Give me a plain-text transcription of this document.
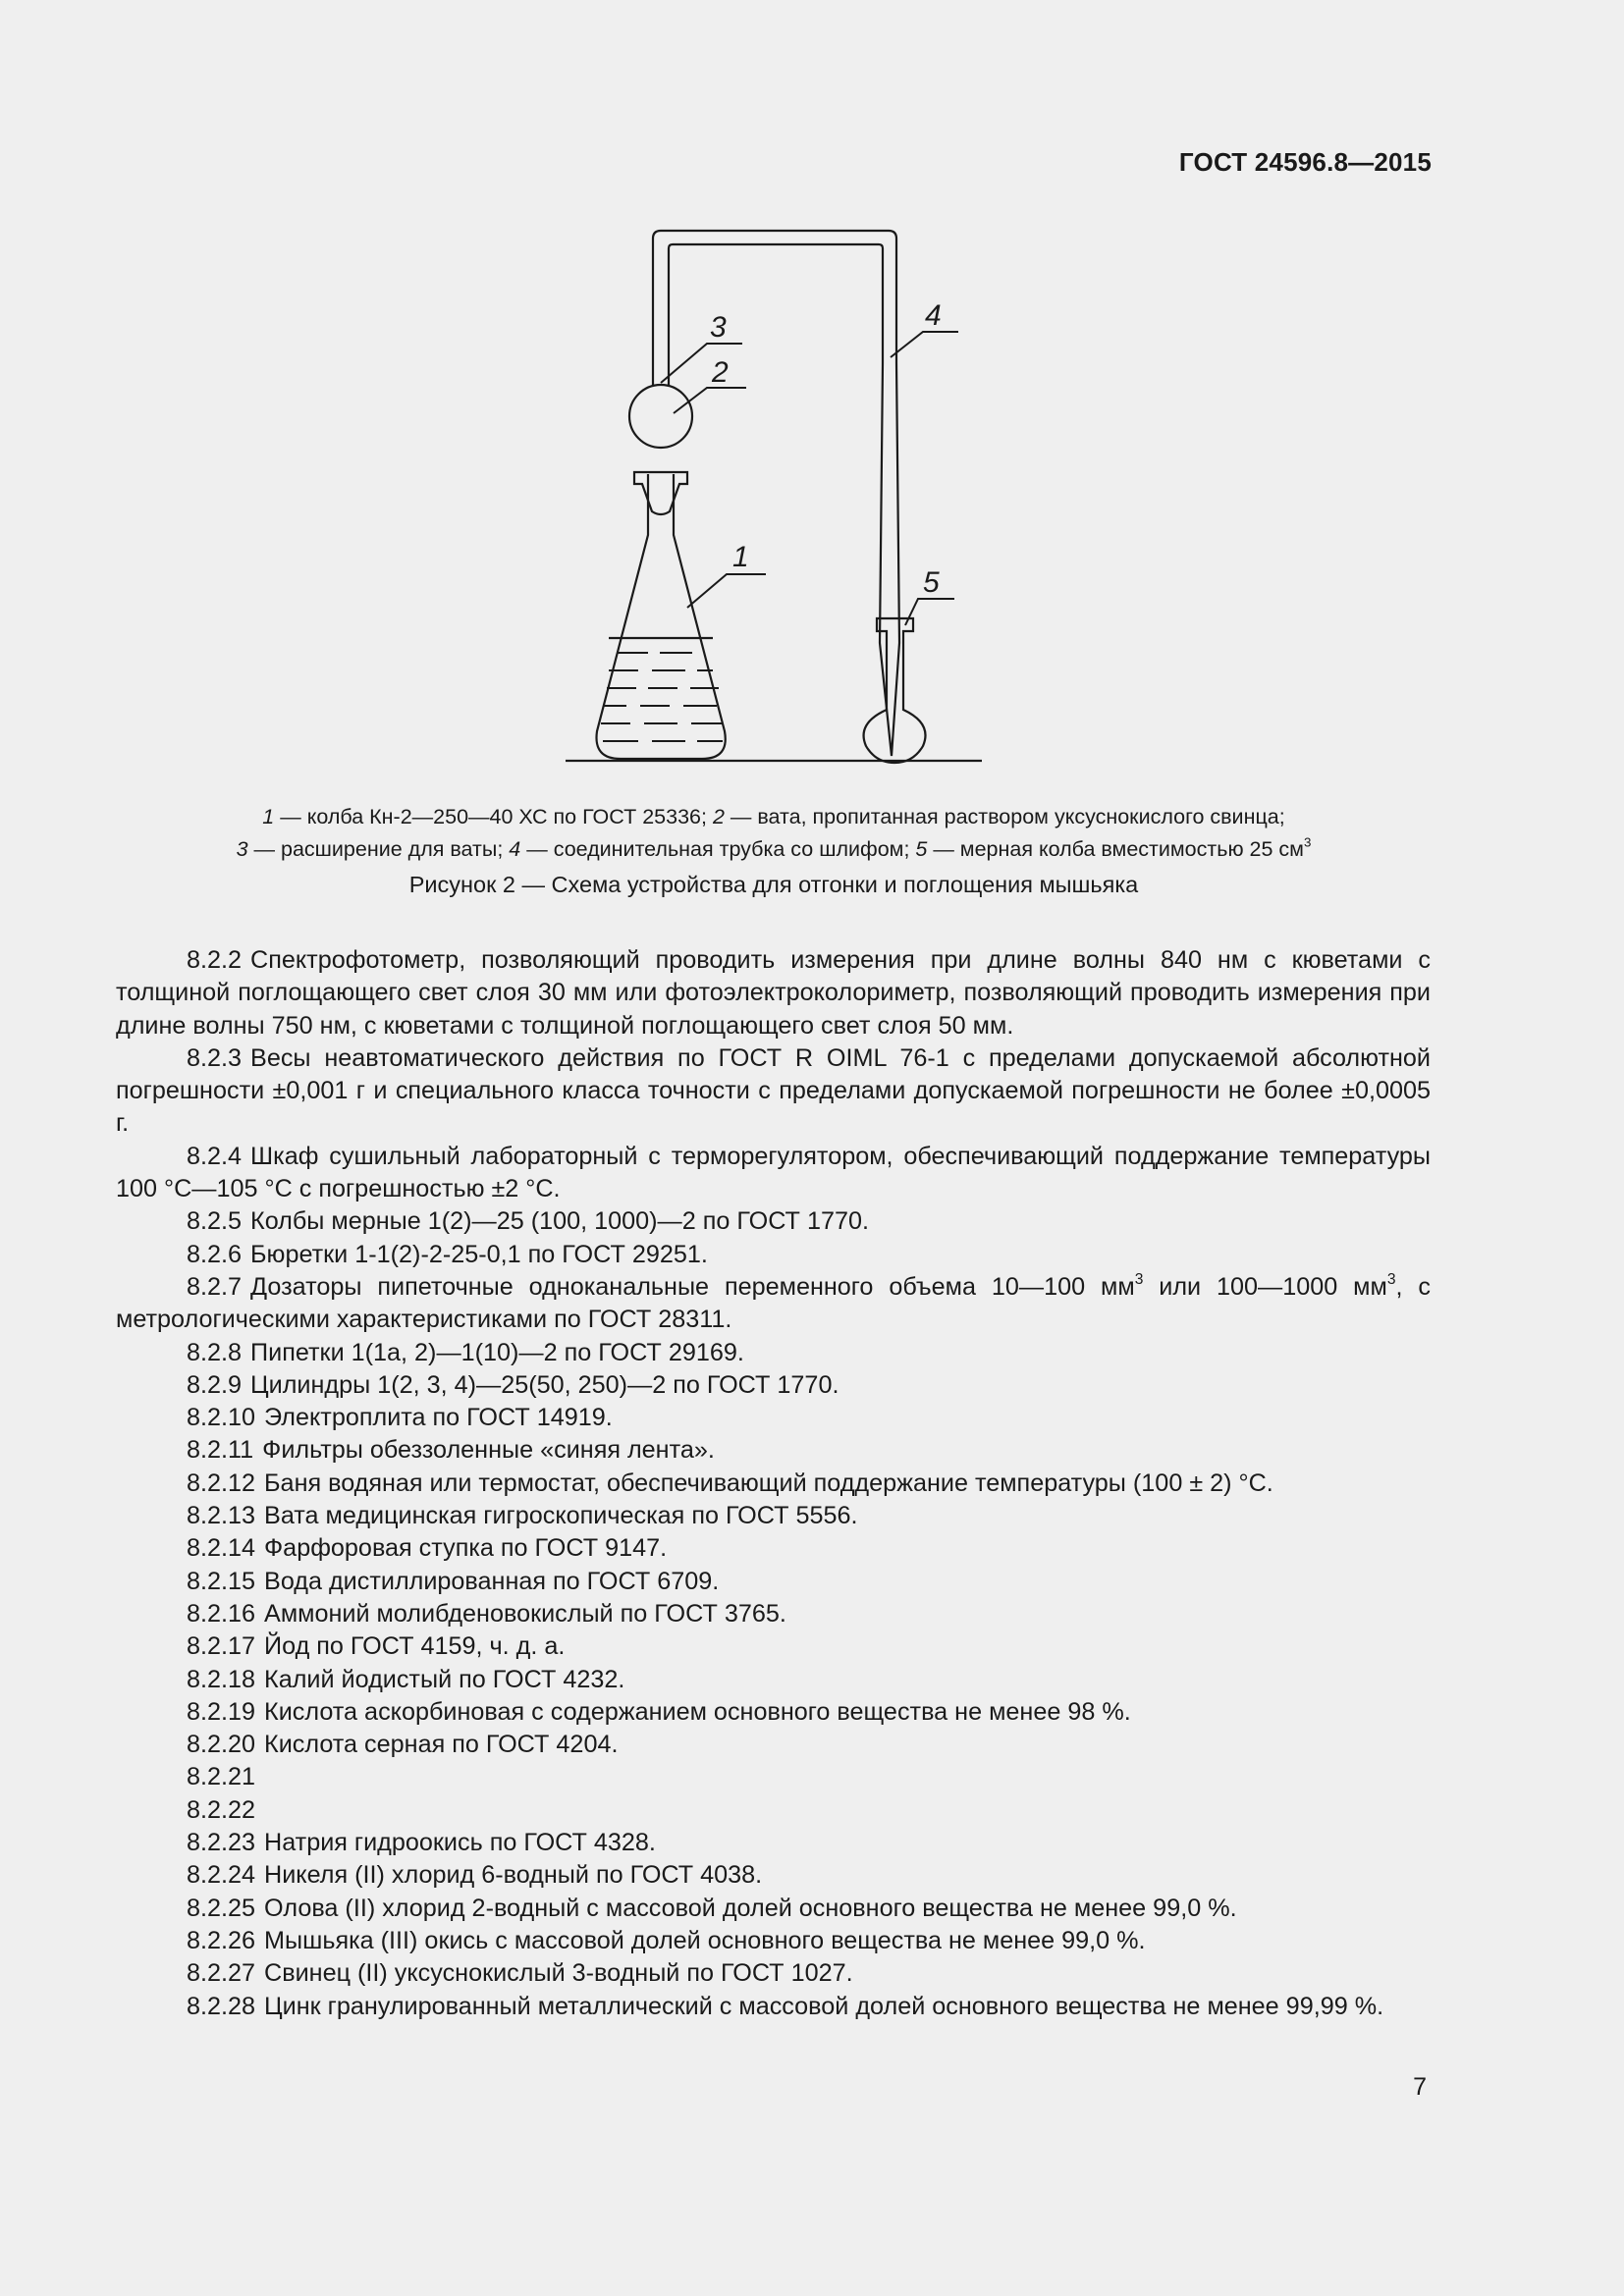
ГОСТ 24596.8—2015
1
2
3	4
5
1 — колба Кн-2—250—40 ХС по ГОСТ 25336; 2 — вата, пропитанная раствором уксуснокислого свинца;
3 — расширение для ваты; 4 — соединительная трубка со шлифом; 5 — мерная колба вместимостью 25 $см^3$
Рисунок 2 — Схема устройства для отгонки и поглощения мышьяка

8.2.2 Спектрофотометр, позволяющий проводить измерения при длине волны 840 нм с кюветами с толщиной поглощающего свет слоя 30 мм или фотоэлектроколориметр, позволяющий проводить измерения при длине волны 750 нм, с кюветами с толщиной поглощающего свет слоя 50 мм.

8.2.3 Весы неавтоматического действия по ГОСТ R OIML 76-1 с пределами допускаемой абсолютной погрешности ±0,001 г и специального класса точности с пределами допускаемой погрешности не более ±0,0005 г.

8.2.4 Шкаф сушильный лабораторный с терморегулятором, обеспечивающий поддержание температуры 100 °С—105 °С с погрешностью ±2 °С.

8.2.5 Колбы мерные 1(2)—25 (100, 1000)—2 по ГОСТ 1770.

8.2.6 Бюретки 1-1(2)-2-25-0,1 по ГОСТ 29251.

8.2.7 Дозаторы пипеточные одноканальные переменного объема 10—100 $мм^3$ или 100—1000 $мм^3$, с метрологическими характеристиками по ГОСТ 28311.

8.2.8 Пипетки 1(1а, 2)—1(10)—2 по ГОСТ 29169.

8.2.9 Цилиндры 1(2, 3, 4)—25(50, 250)—2 по ГОСТ 1770.

8.2.10 Электроплита по ГОСТ 14919.

8.2.11 Фильтры обеззоленные «синяя лента».

8.2.12 Баня водяная или термостат, обеспечивающий поддержание температуры (100 ± 2) °С.

8.2.13 Вата медицинская гигроскопическая по ГОСТ 5556.

8.2.14 Фарфоровая ступка по ГОСТ 9147.

8.2.15 Вода дистиллированная по ГОСТ 6709.

8.2.16 Аммоний молибденовокислый по ГОСТ 3765.

8.2.17 Йод по ГОСТ 4159, ч. д. а.

8.2.18 Калий йодистый по ГОСТ 4232.

8.2.19 Кислота аскорбиновая с содержанием основного вещества не менее 98 %.

8.2.20 Кислота серная по ГОСТ 4204.

8.2.21

8.2.22

8.2.23 Натрия гидроокись по ГОСТ 4328.

8.2.24 Никеля (II) хлорид 6-водный по ГОСТ 4038.

8.2.25 Олова (II) хлорид 2-водный с массовой долей основного вещества не менее 99,0 %.

8.2.26 Мышьяка (III) окись с массовой долей основного вещества не менее 99,0 %.

8.2.27 Свинец (II) уксуснокислый 3-водный по ГОСТ 1027.

8.2.28 Цинк гранулированный металлический с массовой долей основного вещества не менее 99,99 %.

7
